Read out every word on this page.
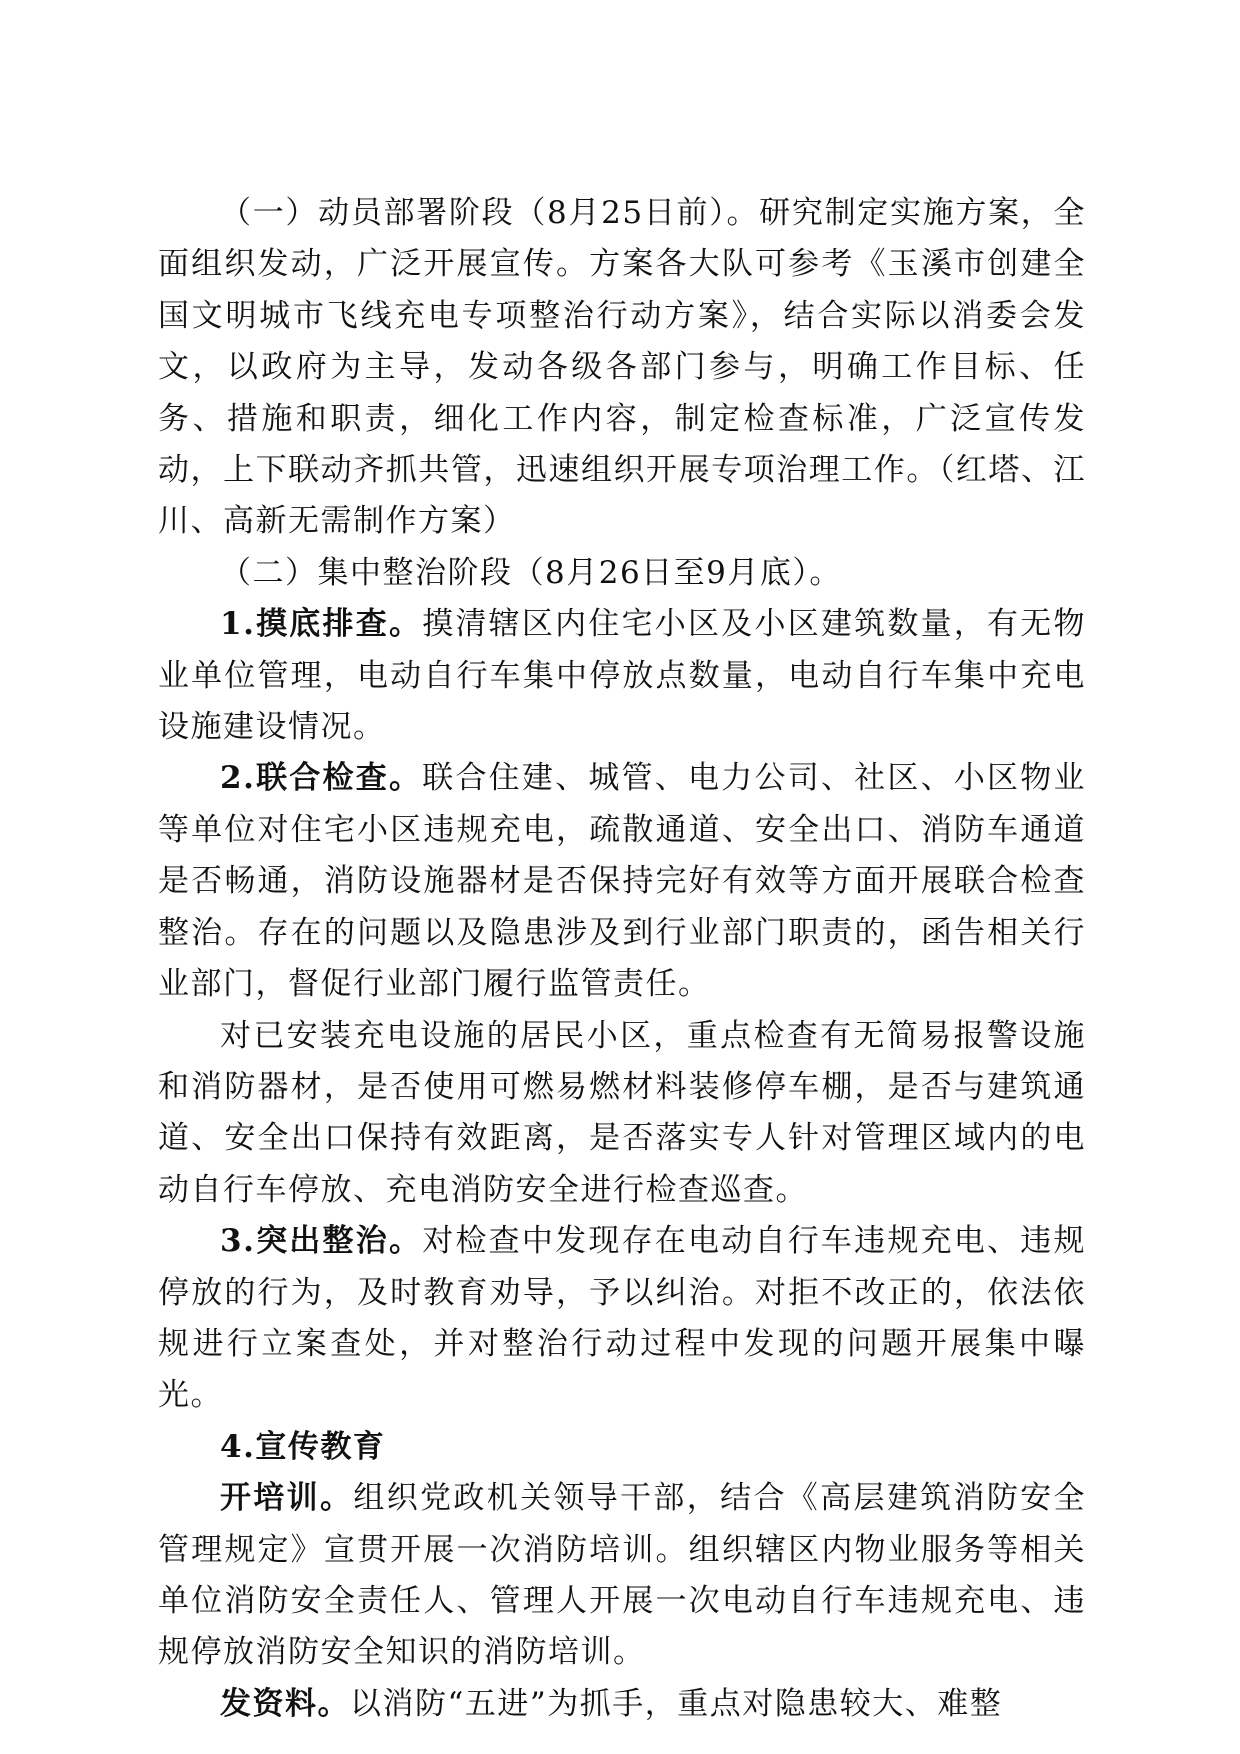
（一）动员部署阶段（8月25日前）。研究制定实施方案，全面组织发动，广泛开展宣传。方案各大队可参考《玉溪市创建全国文明城市飞线充电专项整治行动方案》，结合实际以消委会发文，以政府为主导，发动各级各部门参与，明确工作目标、任务、措施和职责，细化工作内容，制定检查标准，广泛宣传发动，上下联动齐抓共管，迅速组织开展专项治理工作。（红塔、江川、高新无需制作方案）

（二）集中整治阶段（8月26日至9月底）。

1.摸底排查。摸清辖区内住宅小区及小区建筑数量，有无物业单位管理，电动自行车集中停放点数量，电动自行车集中充电设施建设情况。

2.联合检查。联合住建、城管、电力公司、社区、小区物业等单位对住宅小区违规充电，疏散通道、安全出口、消防车通道是否畅通，消防设施器材是否保持完好有效等方面开展联合检查整治。存在的问题以及隐患涉及到行业部门职责的，函告相关行业部门，督促行业部门履行监管责任。

对已安装充电设施的居民小区，重点检查有无简易报警设施和消防器材，是否使用可燃易燃材料装修停车棚，是否与建筑通道、安全出口保持有效距离，是否落实专人针对管理区域内的电动自行车停放、充电消防安全进行检查巡查。

3.突出整治。对检查中发现存在电动自行车违规充电、违规停放的行为，及时教育劝导，予以纠治。对拒不改正的，依法依规进行立案查处，并对整治行动过程中发现的问题开展集中曝光。

4.宣传教育

开培训。组织党政机关领导干部，结合《高层建筑消防安全管理规定》宣贯开展一次消防培训。组织辖区内物业服务等相关单位消防安全责任人、管理人开展一次电动自行车违规充电、违规停放消防安全知识的消防培训。

发资料。以消防“五进”为抓手，重点对隐患较大、难整
